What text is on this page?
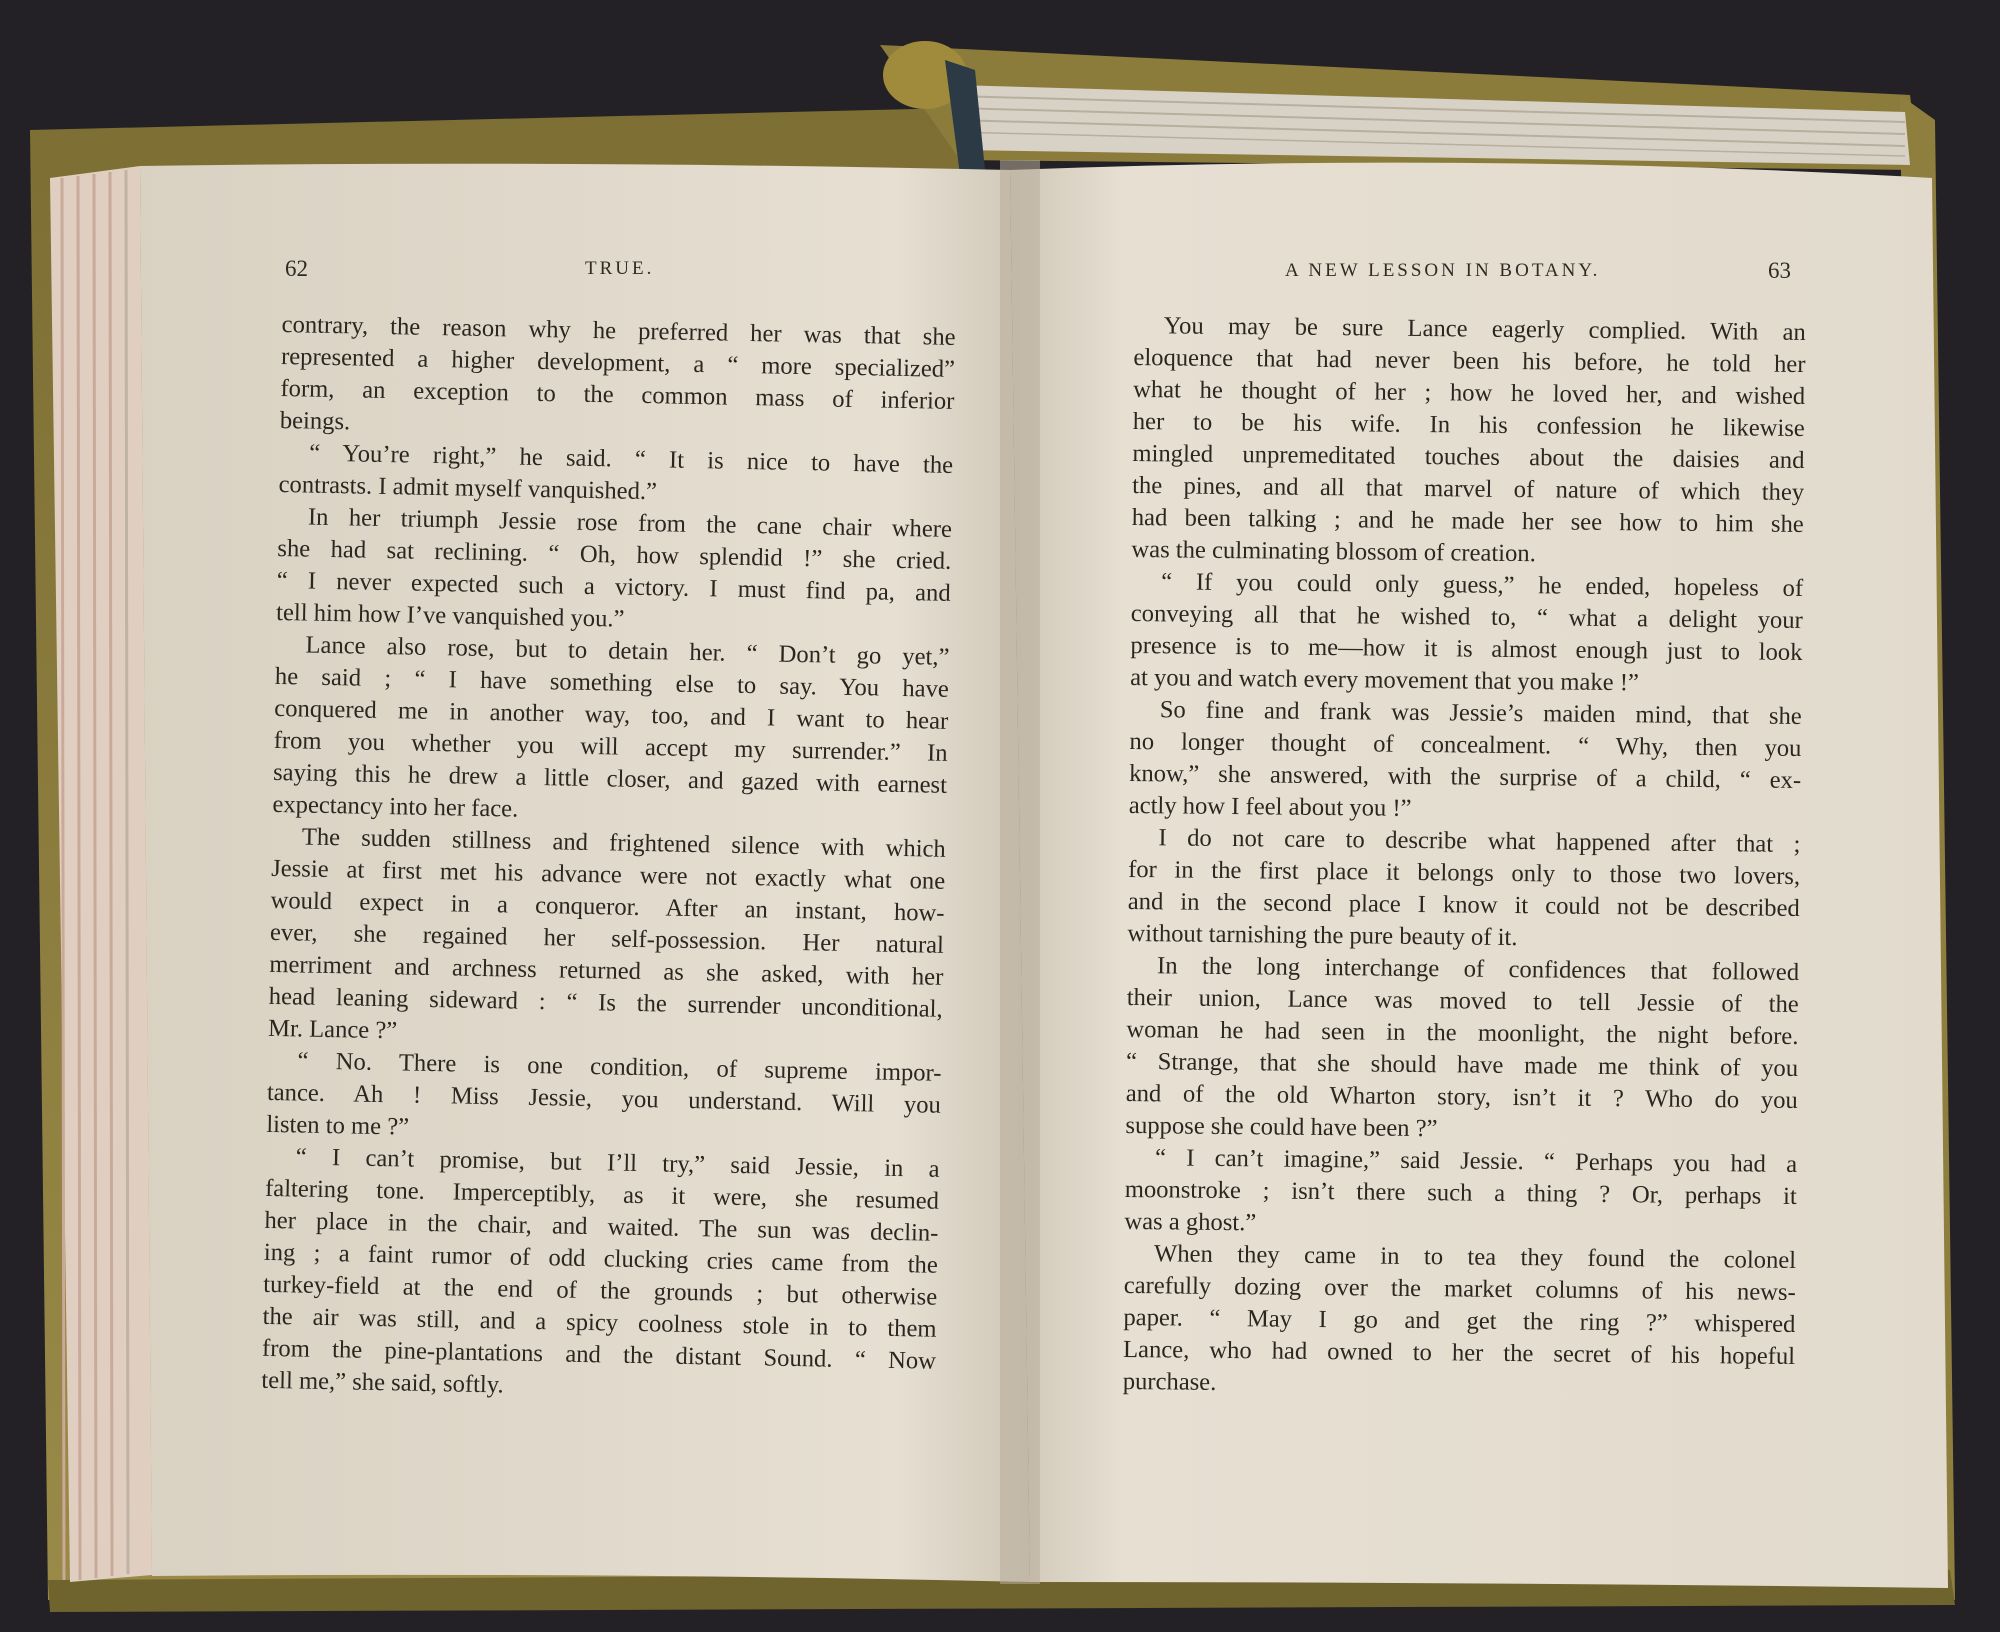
62	TRUE.	A NEW LESSON IN BOTANY.	63
contrary, the reason why he preferred her was that she
represented a higher development, a “ more specialized”
form, an exception to the common mass of inferior
beings.
“ You’re right,” he said. “ It is nice to have the
contrasts. I admit myself vanquished.”
In her triumph Jessie rose from the cane chair where
she had sat reclining. “ Oh, how splendid !” she cried.
“ I never expected such a victory. I must find pa, and
tell him how I’ve vanquished you.”
Lance also rose, but to detain her. “ Don’t go yet,”
he said ; “ I have something else to say. You have
conquered me in another way, too, and I want to hear
from you whether you will accept my surrender.” In
saying this he drew a little closer, and gazed with earnest
expectancy into her face.
The sudden stillness and frightened silence with which
Jessie at first met his advance were not exactly what one
would expect in a conqueror. After an instant, how-
ever, she regained her self-possession. Her natural
merriment and archness returned as she asked, with her
head leaning sideward : “ Is the surrender unconditional,
Mr. Lance ?”
“ No. There is one condition, of supreme impor-
tance. Ah ! Miss Jessie, you understand. Will you
listen to me ?”
“ I can’t promise, but I’ll try,” said Jessie, in a
faltering tone. Imperceptibly, as it were, she resumed
her place in the chair, and waited. The sun was declin-
ing ; a faint rumor of odd clucking cries came from the
turkey-field at the end of the grounds ; but otherwise
the air was still, and a spicy coolness stole in to them
from the pine-plantations and the distant Sound. “ Now
tell me,” she said, softly.
You may be sure Lance eagerly complied. With an
eloquence that had never been his before, he told her
what he thought of her ; how he loved her, and wished
her to be his wife. In his confession he likewise
mingled unpremeditated touches about the daisies and
the pines, and all that marvel of nature of which they
had been talking ; and he made her see how to him she
was the culminating blossom of creation.
“ If you could only guess,” he ended, hopeless of
conveying all that he wished to, “ what a delight your
presence is to me—how it is almost enough just to look
at you and watch every movement that you make !”
So fine and frank was Jessie’s maiden mind, that she
no longer thought of concealment. “ Why, then you
know,” she answered, with the surprise of a child, “ ex-
actly how I feel about you !”
I do not care to describe what happened after that ;
for in the first place it belongs only to those two lovers,
and in the second place I know it could not be described
without tarnishing the pure beauty of it.
In the long interchange of confidences that followed
their union, Lance was moved to tell Jessie of the
woman he had seen in the moonlight, the night before.
“ Strange, that she should have made me think of you
and of the old Wharton story, isn’t it ? Who do you
suppose she could have been ?”
“ I can’t imagine,” said Jessie. “ Perhaps you had a
moonstroke ; isn’t there such a thing ? Or, perhaps it
was a ghost.”
When they came in to tea they found the colonel
carefully dozing over the market columns of his news-
paper. “ May I go and get the ring ?” whispered
Lance, who had owned to her the secret of his hopeful
purchase.
